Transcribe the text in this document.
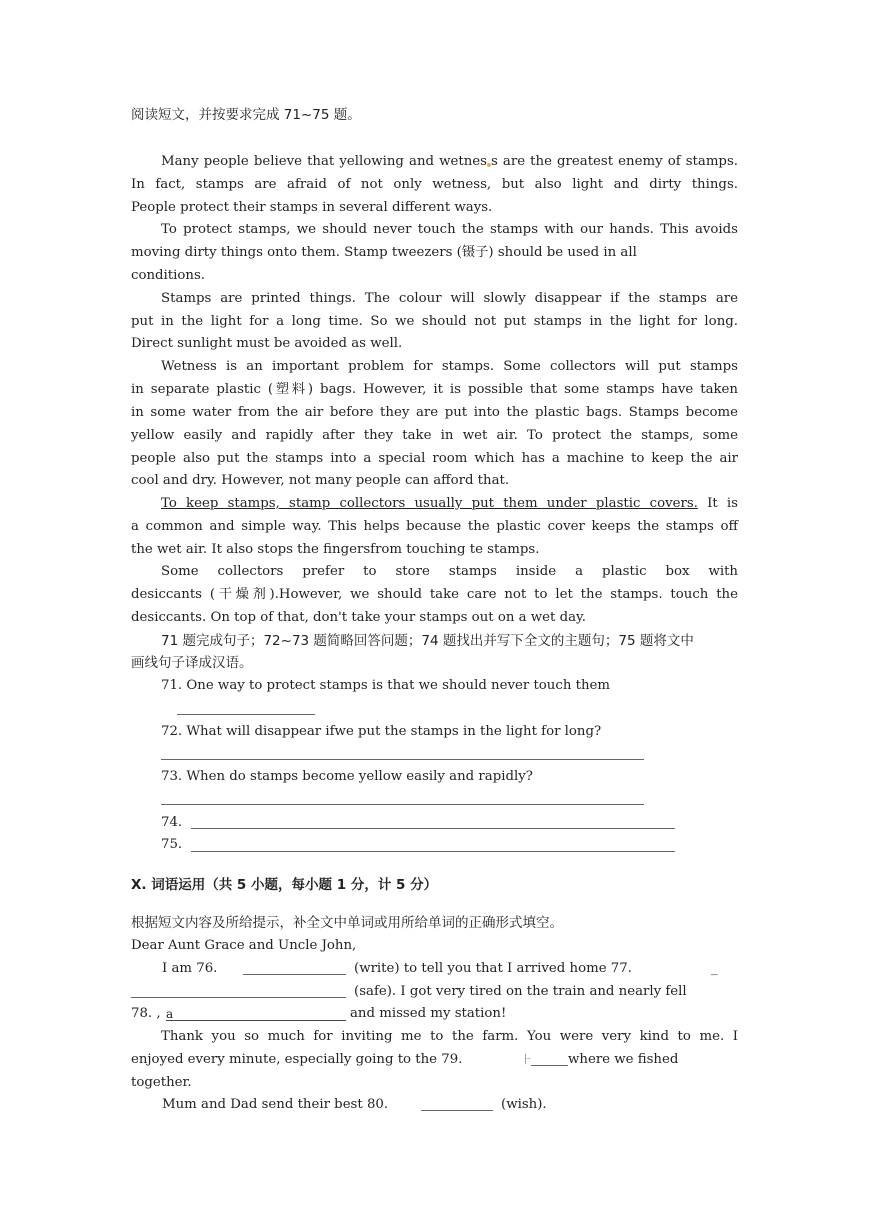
阅读短文，并按要求完成 71~75 题。
Many people believe that yellowing and wetnes s are the greatest enemy of stamps.
In fact, stamps are afraid of not only wetness, but also light and dirty things.
People protect their stamps in several different ways.
To protect stamps, we should never touch the stamps with our hands. This avoids
moving dirty things onto them. Stamp tweezers (镊子) should be used in all
conditions.
Stamps are printed things. The colour will slowly disappear if the stamps are
put in the light for a long time. So we should not put stamps in the light for long.
Direct sunlight must be avoided as well.
Wetness is an important problem for stamps. Some collectors will put stamps
in separate plastic (塑料) bags. However, it is possible that some stamps have taken
in some water from the air before they are put into the plastic bags. Stamps become
yellow easily and rapidly after they take in wet air. To protect the stamps, some
people also put the stamps into a special room which has a machine to keep the air
cool and dry. However, not many people can afford that.
To keep stamps, stamp collectors usually put them under plastic covers. It is
a common and simple way. This helps because the plastic cover keeps the stamps off
the wet air. It also stops the fingersfrom touching te stamps.
Some collectors prefer to store stamps inside a plastic box with
desiccants (干燥剂).However, we should take care not to let the stamps. touch the
desiccants. On top of that, don't take your stamps out on a wet day.
71 题完成句子；72~73 题简略回答问题；74 题找出并写下全文的主题句；75 题将文中
画线句子译成汉语。
71. One way to protect stamps is that we should never touch them
72. What will disappear ifwe put the stamps in the light for long?
73. When do stamps become yellow easily and rapidly?
74.
75.
X. 词语运用（共 5 小题，每小题 1 分，计 5 分）
根据短文内容及所给提示，补全文中单词或用所给单词的正确形式填空。
Dear Aunt Grace and Uncle John,
I am 76.	(write) to tell you that I arrived home 77.	_
(safe). I got very tired on the train and nearly fell
78. , a	and missed my station!
Thank you so much for inviting me to the farm. You were very kind to me. I
enjoyed every minute, especially going to the 79.	⺊	where we fished
together.
Mum and Dad send their best 80.	(wish).
